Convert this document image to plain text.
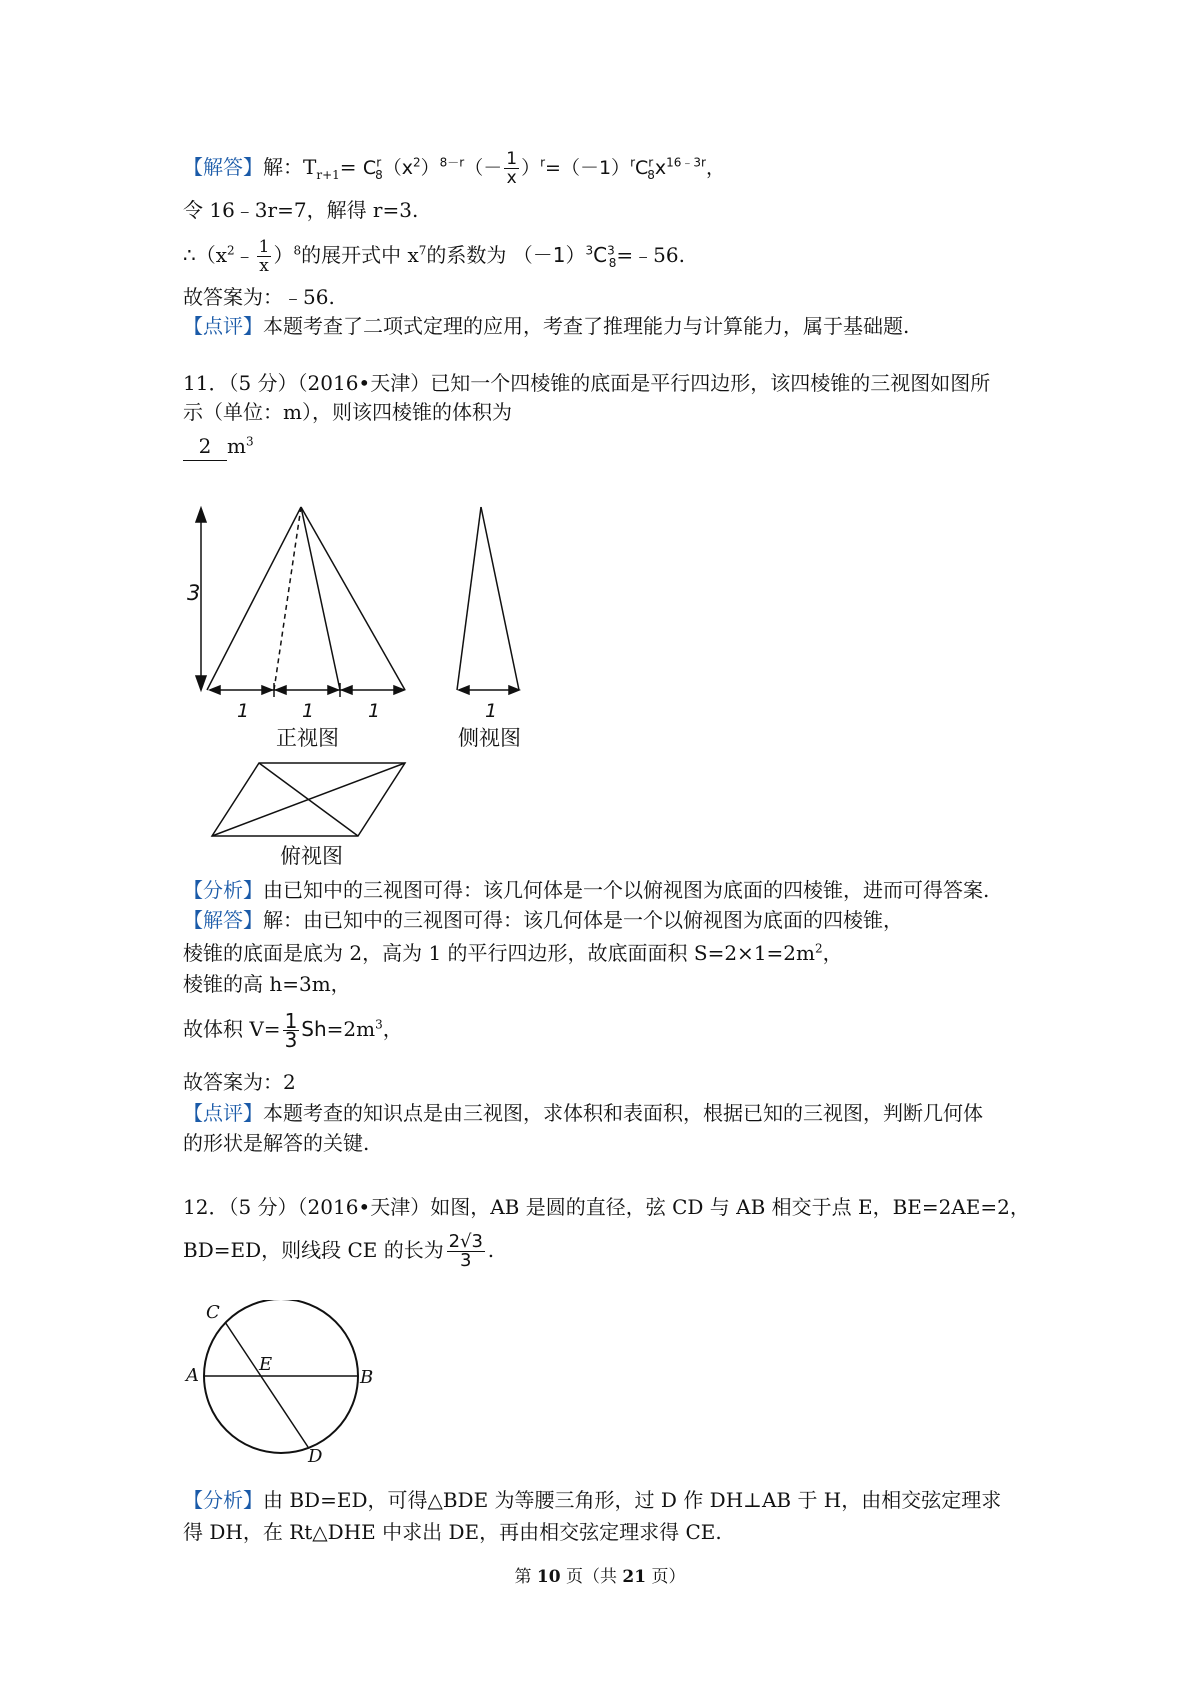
【解答】解：$T_{r+1}= C^r_8(x^2)^{8-r}(- \frac{1}{x} )^r=(-1)^rC^r_8x^{16﹣3r}$，
令 16﹣3r=7，解得 r=3.
$\therefore(x^2﹣ \frac{1}{x} )^8$的展开式中 $x^7$的系数为 $(-1)^3C^3_8=﹣56$.
故答案为：﹣56.
【点评】本题考查了二项式定理的应用，考查了推理能力与计算能力，属于基础题.
11．（5 分）（2016•天津）已知一个四棱锥的底面是平行四边形，该四棱锥的三视图如图所
示（单位：m），则该四棱锥的体积为
2 $m^3$
3
1	1	1	1
正视图	侧视图
俯视图
【分析】由已知中的三视图可得：该几何体是一个以俯视图为底面的四棱锥，进而可得答案.
【解答】解：由已知中的三视图可得：该几何体是一个以俯视图为底面的四棱锥，
棱锥的底面是底为 2，高为 1 的平行四边形，故底面面积 $S=2\times 1=2m^2$，
棱锥的高 h=3m，
故体积 $V= \frac{1}{3} Sh=2m^3$，
故答案为：2
【点评】本题考查的知识点是由三视图，求体积和表面积，根据已知的三视图，判断几何体
的形状是解答的关键.
12．（5 分）（2016•天津）如图，AB 是圆的直径，弦 CD 与 AB 相交于点 E，BE=2AE=2，
BD=ED，则线段 CE 的长为 $\frac{2√3}{3}$ .
C
A
E
B
D
【分析】由 BD=ED，可得△BDE 为等腰三角形，过 D 作 DH⊥AB 于 H，由相交弦定理求
得 DH，在 Rt△DHE 中求出 DE，再由相交弦定理求得 CE.
第 10 页（共 21 页）
